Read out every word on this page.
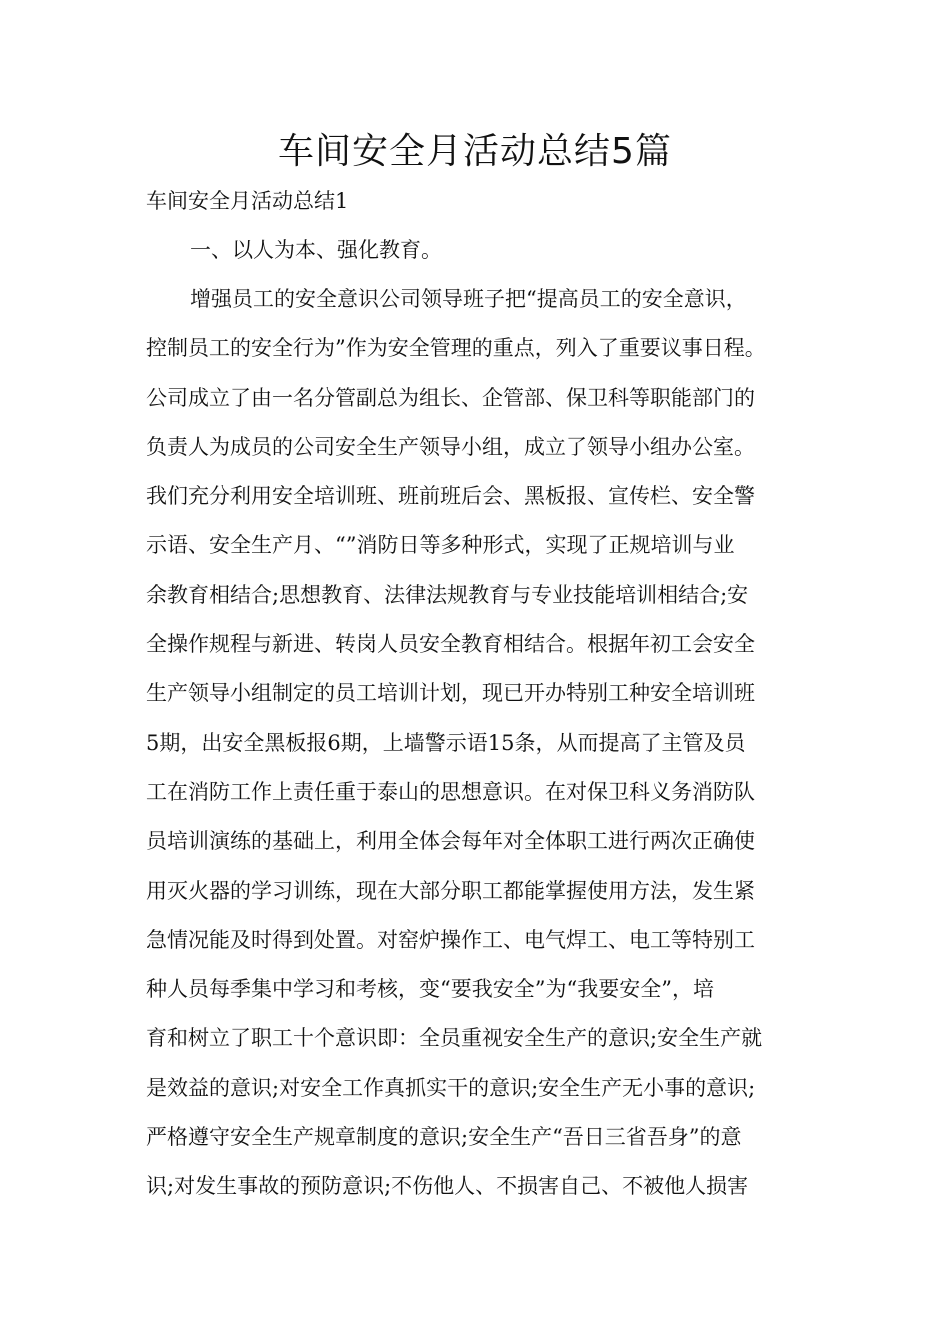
车间安全月活动总结5篇
车间安全月活动总结1
一、以人为本、强化教育。
增强员工的安全意识公司领导班子把“提高员工的安全意识，
控制员工的安全行为”作为安全管理的重点，列入了重要议事日程。
公司成立了由一名分管副总为组长、企管部、保卫科等职能部门的
负责人为成员的公司安全生产领导小组，成立了领导小组办公室。
我们充分利用安全培训班、班前班后会、黑板报、宣传栏、安全警
示语、安全生产月、“”消防日等多种形式，实现了正规培训与业
余教育相结合;思想教育、法律法规教育与专业技能培训相结合;安
全操作规程与新进、转岗人员安全教育相结合。根据年初工会安全
生产领导小组制定的员工培训计划，现已开办特别工种安全培训班
5期，出安全黑板报6期，上墙警示语15条，从而提高了主管及员
工在消防工作上责任重于泰山的思想意识。在对保卫科义务消防队
员培训演练的基础上，利用全体会每年对全体职工进行两次正确使
用灭火器的学习训练，现在大部分职工都能掌握使用方法，发生紧
急情况能及时得到处置。对窑炉操作工、电气焊工、电工等特别工
种人员每季集中学习和考核，变“要我安全”为“我要安全”，培
育和树立了职工十个意识即：全员重视安全生产的意识;安全生产就
是效益的意识;对安全工作真抓实干的意识;安全生产无小事的意识;
严格遵守安全生产规章制度的意识;安全生产“吾日三省吾身”的意
识;对发生事故的预防意识;不伤他人、不损害自己、不被他人损害
